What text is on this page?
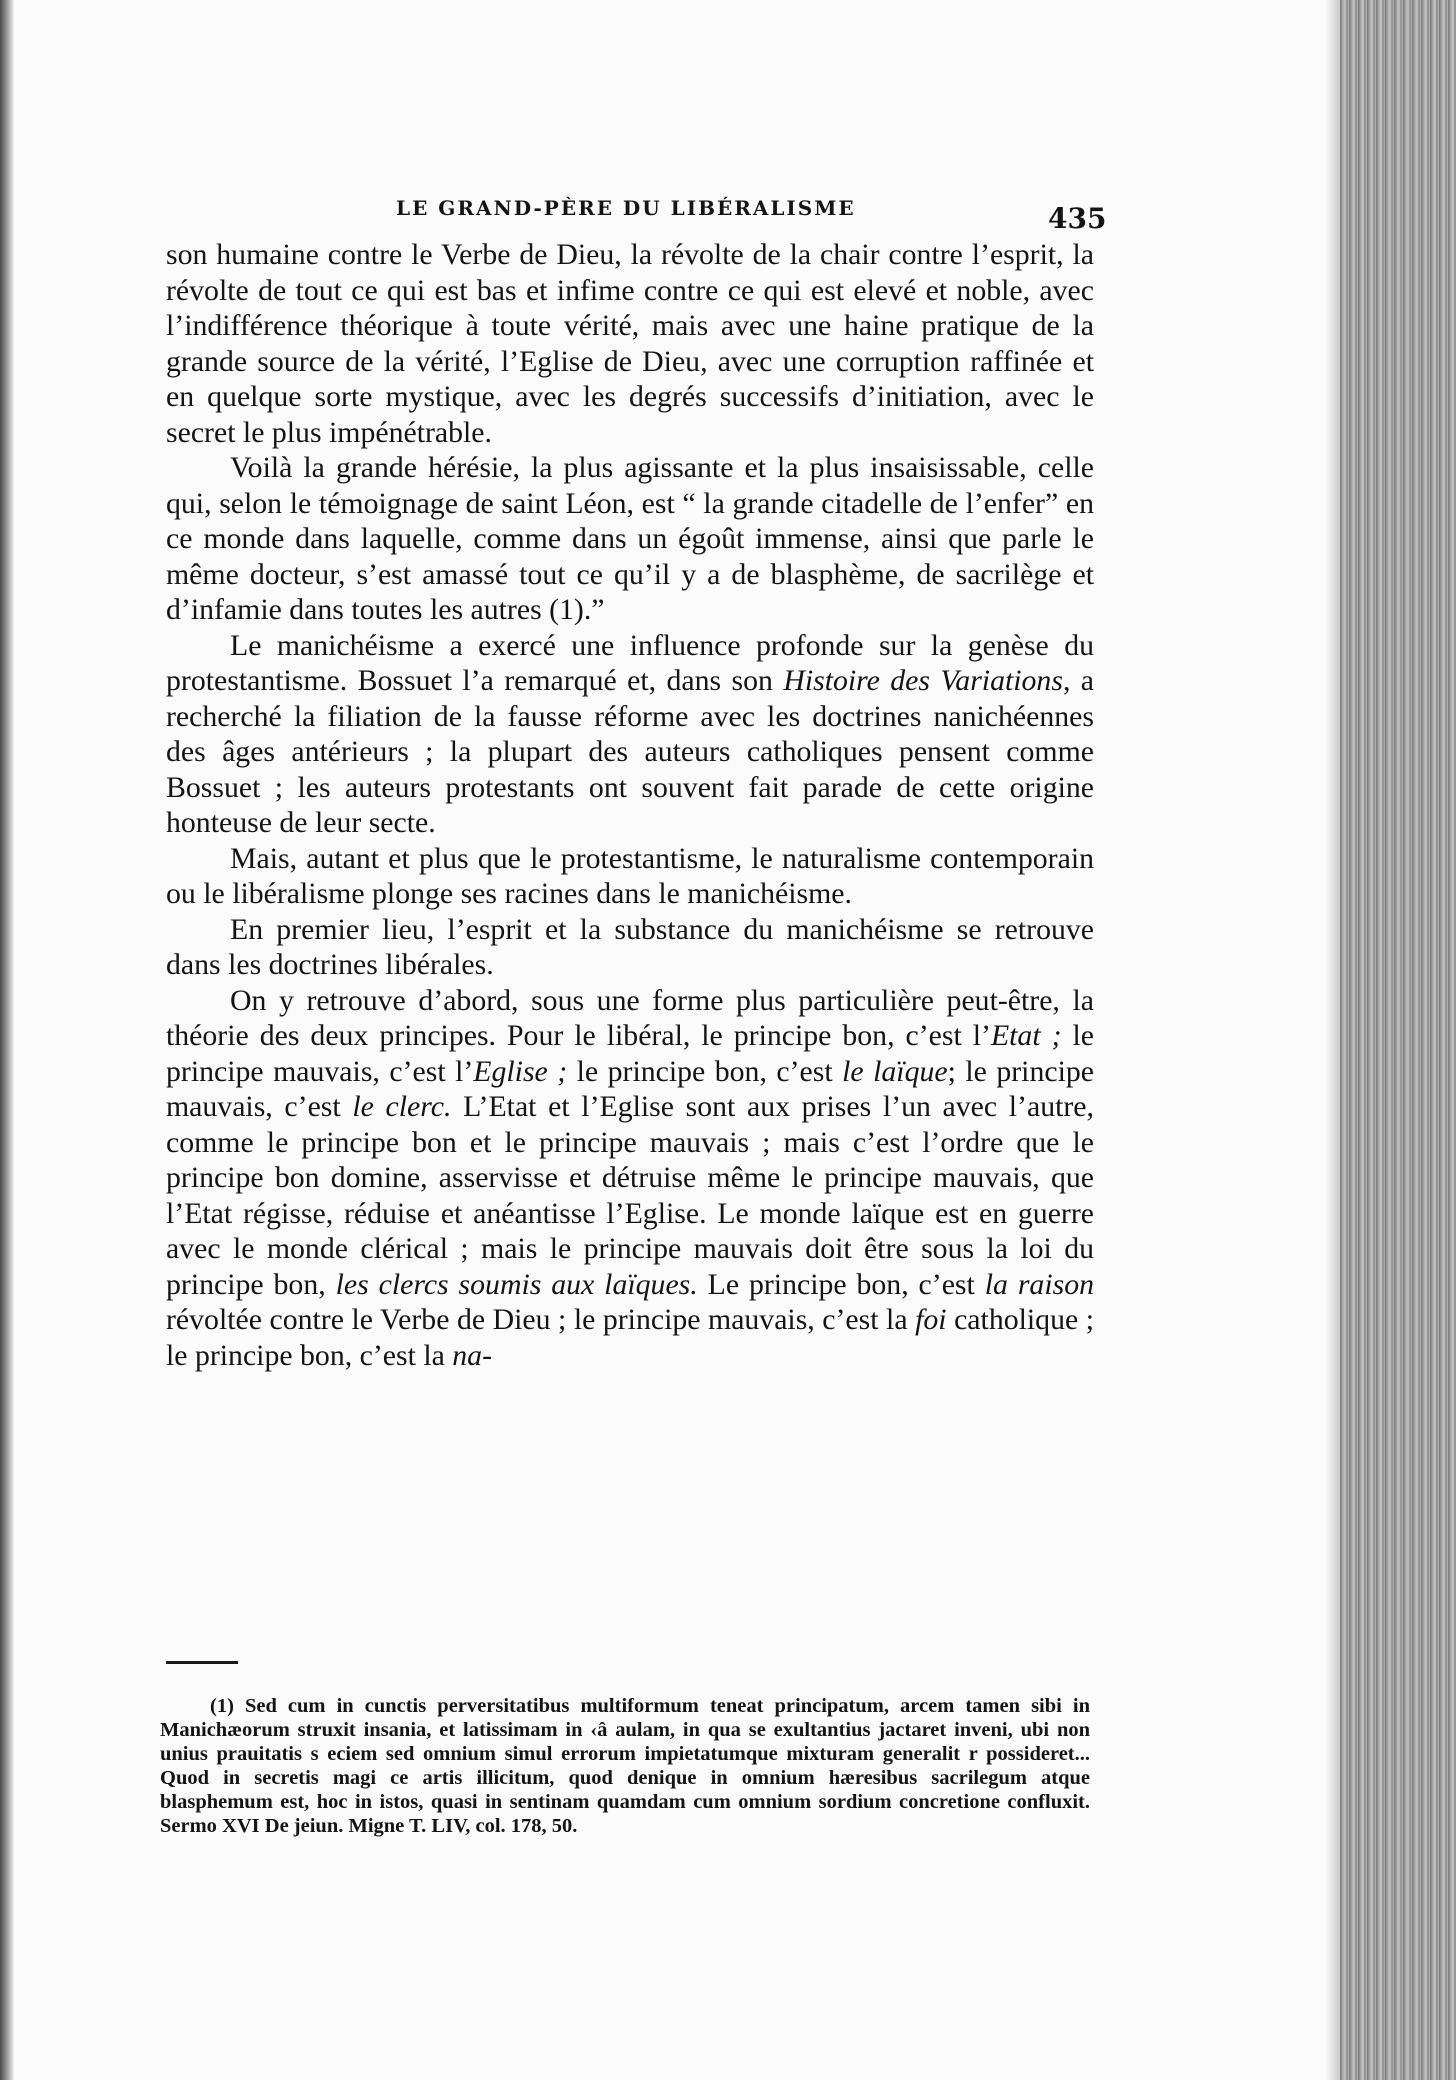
LE GRAND-PÈRE DU LIBÉRALISME	435

son humaine contre le Verbe de Dieu, la révolte de la chair contre l’esprit, la révolte de tout ce qui est bas et infime contre ce qui est elevé et noble, avec l’indifférence théorique à toute vérité, mais avec une haine pratique de la grande source de la vérité, l’Eglise de Dieu, avec une corruption raffinée et en quelque sorte mystique, avec les degrés successifs d’initiation, avec le secret le plus impénétrable.

Voilà la grande hérésie, la plus agissante et la plus insaisissable, celle qui, selon le témoignage de saint Léon, est “ la grande citadelle de l’enfer” en ce monde dans laquelle, comme dans un égoût immense, ainsi que parle le même docteur, s’est amassé tout ce qu’il y a de blasphème, de sacrilège et d’infamie dans toutes les autres (1).”

Le manichéisme a exercé une influence profonde sur la genèse du protestantisme. Bossuet l’a remarqué et, dans son Histoire des Variations, a recherché la filiation de la fausse réforme avec les doctrines nanichéennes des âges antérieurs ; la plupart des auteurs catholiques pensent comme Bossuet ; les auteurs protestants ont souvent fait parade de cette origine honteuse de leur secte.

Mais, autant et plus que le protestantisme, le naturalisme contemporain ou le libéralisme plonge ses racines dans le manichéisme.

En premier lieu, l’esprit et la substance du manichéisme se retrouve dans les doctrines libérales.

On y retrouve d’abord, sous une forme plus particulière peut-être, la théorie des deux principes. Pour le libéral, le principe bon, c’est l’Etat ; le principe mauvais, c’est l’Eglise ; le principe bon, c’est le laïque; le principe mauvais, c’est le clerc. L’Etat et l’Eglise sont aux prises l’un avec l’autre, comme le principe bon et le principe mauvais ; mais c’est l’ordre que le principe bon domine, asservisse et détruise même le principe mauvais, que l’Etat régisse, réduise et anéantisse l’Eglise. Le monde laïque est en guerre avec le monde clérical ; mais le principe mauvais doit être sous la loi du principe bon, les clercs soumis aux laïques. Le principe bon, c’est la raison révoltée contre le Verbe de Dieu ; le principe mauvais, c’est la foi catholique ; le principe bon, c’est la na-

(1) Sed cum in cunctis perversitatibus multiformum teneat principatum, arcem tamen sibi in Manichæorum struxit insania, et latissimam in ‹â aulam, in qua se exultantius jactaret inveni, ubi non unius prauitatis s eciem sed omnium simul errorum impietatumque mixturam generalit r possideret... Quod in secretis magi ce artis illicitum, quod denique in omnium hæresibus sacrilegum atque blasphemum est, hoc in istos, quasi in sentinam quamdam cum omnium sordium concretione confluxit. Sermo XVI De jeiun. Migne T. LIV, col. 178, 50.
